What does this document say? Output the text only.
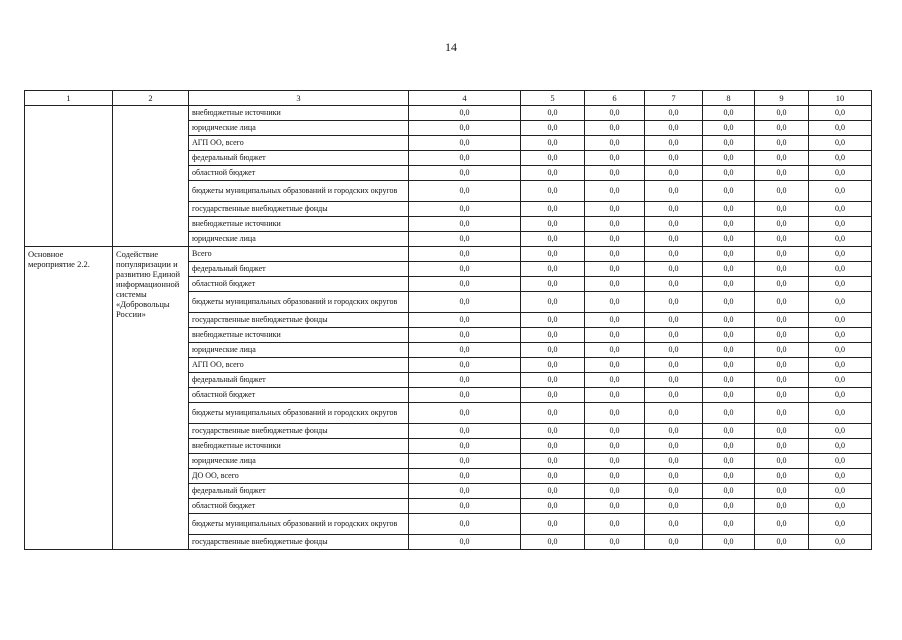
14
1	2	3	4	5	6	7	8	9	10
		внебюджетные источники	0,0	0,0	0,0	0,0	0,0	0,0	0,0
		юридические лица	0,0	0,0	0,0	0,0	0,0	0,0	0,0
		АГП ОО, всего	0,0	0,0	0,0	0,0	0,0	0,0	0,0
		федеральный бюджет	0,0	0,0	0,0	0,0	0,0	0,0	0,0
		областной бюджет	0,0	0,0	0,0	0,0	0,0	0,0	0,0
		бюджеты муниципальных образований и городских округов	0,0	0,0	0,0	0,0	0,0	0,0	0,0
		государственные внебюджетные фонды	0,0	0,0	0,0	0,0	0,0	0,0	0,0
		внебюджетные источники	0,0	0,0	0,0	0,0	0,0	0,0	0,0
		юридические лица	0,0	0,0	0,0	0,0	0,0	0,0	0,0
Основное мероприятие 2.2.	Содействие популяризации и развитию Единой информационной системы «Добровольцы России»	Всего	0,0	0,0	0,0	0,0	0,0	0,0	0,0
		федеральный бюджет	0,0	0,0	0,0	0,0	0,0	0,0	0,0
		областной бюджет	0,0	0,0	0,0	0,0	0,0	0,0	0,0
		бюджеты муниципальных образований и городских округов	0,0	0,0	0,0	0,0	0,0	0,0	0,0
		государственные внебюджетные фонды	0,0	0,0	0,0	0,0	0,0	0,0	0,0
		внебюджетные источники	0,0	0,0	0,0	0,0	0,0	0,0	0,0
		юридические лица	0,0	0,0	0,0	0,0	0,0	0,0	0,0
		АГП ОО, всего	0,0	0,0	0,0	0,0	0,0	0,0	0,0
		федеральный бюджет	0,0	0,0	0,0	0,0	0,0	0,0	0,0
		областной бюджет	0,0	0,0	0,0	0,0	0,0	0,0	0,0
		бюджеты муниципальных образований и городских округов	0,0	0,0	0,0	0,0	0,0	0,0	0,0
		государственные внебюджетные фонды	0,0	0,0	0,0	0,0	0,0	0,0	0,0
		внебюджетные источники	0,0	0,0	0,0	0,0	0,0	0,0	0,0
		юридические лица	0,0	0,0	0,0	0,0	0,0	0,0	0,0
		ДО ОО, всего	0,0	0,0	0,0	0,0	0,0	0,0	0,0
		федеральный бюджет	0,0	0,0	0,0	0,0	0,0	0,0	0,0
		областной бюджет	0,0	0,0	0,0	0,0	0,0	0,0	0,0
		бюджеты муниципальных образований и городских округов	0,0	0,0	0,0	0,0	0,0	0,0	0,0
		государственные внебюджетные фонды	0,0	0,0	0,0	0,0	0,0	0,0	0,0
